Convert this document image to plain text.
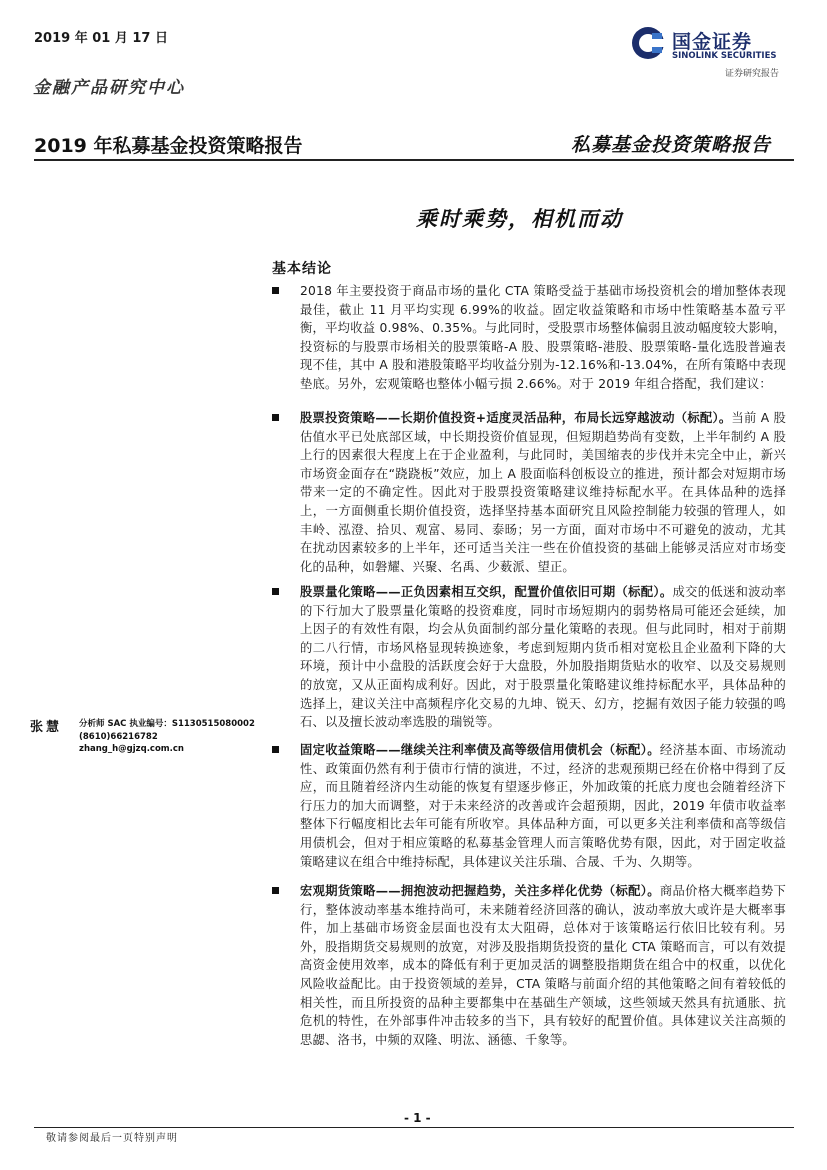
2019 年 01 月 17 日
金融产品研究中心
国金证券
SINOLINK SECURITIES
证券研究报告
2019 年私募基金投资策略报告	私募基金投资策略报告
乘时乘势，相机而动
基本结论
2018 年主要投资于商品市场的量化 CTA 策略受益于基础市场投资机会的增加整体表现最佳，截止 11 月平均实现 6.99%的收益。固定收益策略和市场中性策略基本盈亏平衡，平均收益 0.98%、0.35%。与此同时，受股票市场整体偏弱且波动幅度较大影响，投资标的与股票市场相关的股票策略-A 股、股票策略-港股、股票策略-量化选股普遍表现不佳，其中 A 股和港股策略平均收益分别为-12.16%和-13.04%，在所有策略中表现垫底。另外，宏观策略也整体小幅亏损 2.66%。对于 2019 年组合搭配，我们建议：
股票投资策略——长期价值投资+适度灵活品种，布局长远穿越波动（标配）。当前 A 股估值水平已处底部区域，中长期投资价值显现，但短期趋势尚有变数，上半年制约 A 股上行的因素很大程度上在于企业盈利，与此同时，美国缩表的步伐并未完全中止，新兴市场资金面存在“跷跷板”效应，加上 A 股面临科创板设立的推进，预计都会对短期市场带来一定的不确定性。因此对于股票投资策略建议维持标配水平。在具体品种的选择上，一方面侧重长期价值投资，选择坚持基本面研究且风险控制能力较强的管理人，如丰岭、泓澄、拾贝、观富、易同、泰旸；另一方面，面对市场中不可避免的波动，尤其在扰动因素较多的上半年，还可适当关注一些在价值投资的基础上能够灵活应对市场变化的品种，如磐耀、兴聚、名禹、少薮派、望正。
股票量化策略——正负因素相互交织，配置价值依旧可期（标配）。成交的低迷和波动率的下行加大了股票量化策略的投资难度，同时市场短期内的弱势格局可能还会延续，加上因子的有效性有限，均会从负面制约部分量化策略的表现。但与此同时，相对于前期的二八行情，市场风格显现转换迹象，考虑到短期内货币相对宽松且企业盈利下降的大环境，预计中小盘股的活跃度会好于大盘股，外加股指期货贴水的收窄、以及交易规则的放宽，又从正面构成利好。因此，对于股票量化策略建议维持标配水平，具体品种的选择上，建议关注中高频程序化交易的九坤、锐天、幻方，挖掘有效因子能力较强的鸣石、以及擅长波动率选股的瑞锐等。
固定收益策略——继续关注利率债及高等级信用债机会（标配）。经济基本面、市场流动性、政策面仍然有利于债市行情的演进，不过，经济的悲观预期已经在价格中得到了反应，而且随着经济内生动能的恢复有望逐步修正，外加政策的托底力度也会随着经济下行压力的加大而调整，对于未来经济的改善或许会超预期，因此，2019 年债市收益率整体下行幅度相比去年可能有所收窄。具体品种方面，可以更多关注利率债和高等级信用债机会，但对于相应策略的私募基金管理人而言策略优势有限，因此，对于固定收益策略建议在组合中维持标配，具体建议关注乐瑞、合晟、千为、久期等。
宏观期货策略——拥抱波动把握趋势，关注多样化优势（标配）。商品价格大概率趋势下行，整体波动率基本维持尚可，未来随着经济回落的确认，波动率放大或许是大概率事件，加上基础市场资金层面也没有太大阻碍，总体对于该策略运行依旧比较有利。另外，股指期货交易规则的放宽，对涉及股指期货投资的量化 CTA 策略而言，可以有效提高资金使用效率，成本的降低有利于更加灵活的调整股指期货在组合中的权重，以优化风险收益配比。由于投资领域的差异，CTA 策略与前面介绍的其他策略之间有着较低的相关性，而且所投资的品种主要都集中在基础生产领域，这些领域天然具有抗通胀、抗危机的特性，在外部事件冲击较多的当下，具有较好的配置价值。具体建议关注高频的思勰、洛书，中频的双隆、明汯、涵德、千象等。
张慧 分析师 SAC 执业编号：S1130515080002
(8610)66216782
zhang_h@gjzq.com.cn
- 1 -
敬请参阅最后一页特别声明
